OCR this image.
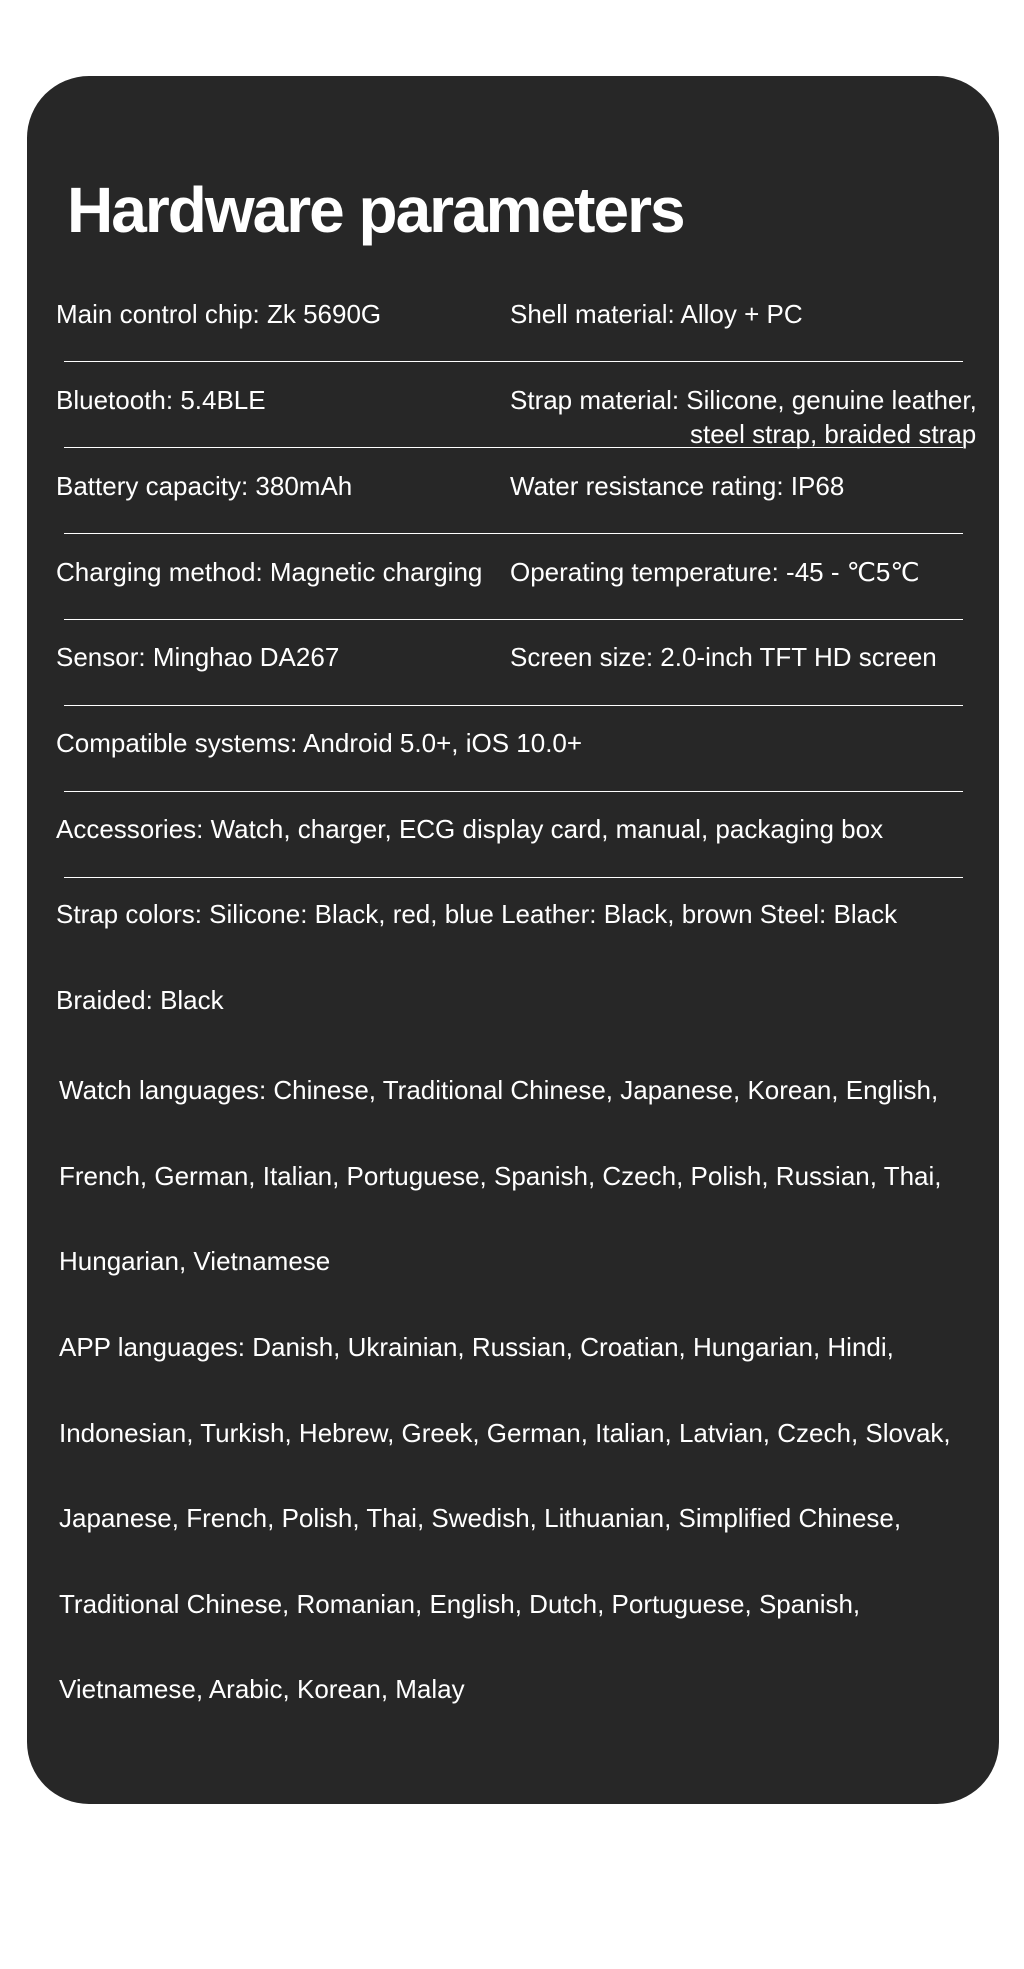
Hardware parameters
Main control chip: Zk 5690G	Shell material: Alloy + PC
Bluetooth: 5.4BLE	Strap material: Silicone, genuine leather,
steel strap, braided strap
Battery capacity: 380mAh	Water resistance rating: IP68
Charging method: Magnetic charging Operating temperature: -45 - ℃5℃
Sensor: Minghao DA267	Screen size: 2.0-inch TFT HD screen
Compatible systems: Android 5.0+, iOS 10.0+
Accessories: Watch, charger, ECG display card, manual, packaging box
Strap colors: Silicone: Black, red, blue Leather: Black, brown Steel: Black
Braided: Black
Watch languages: Chinese, Traditional Chinese, Japanese, Korean, English,
French, German, Italian, Portuguese, Spanish, Czech, Polish, Russian, Thai,
Hungarian, Vietnamese
APP languages: Danish, Ukrainian, Russian, Croatian, Hungarian, Hindi,
Indonesian, Turkish, Hebrew, Greek, German, Italian, Latvian, Czech, Slovak,
Japanese, French, Polish, Thai, Swedish, Lithuanian, Simplified Chinese,
Traditional Chinese, Romanian, English, Dutch, Portuguese, Spanish,
Vietnamese, Arabic, Korean, Malay
